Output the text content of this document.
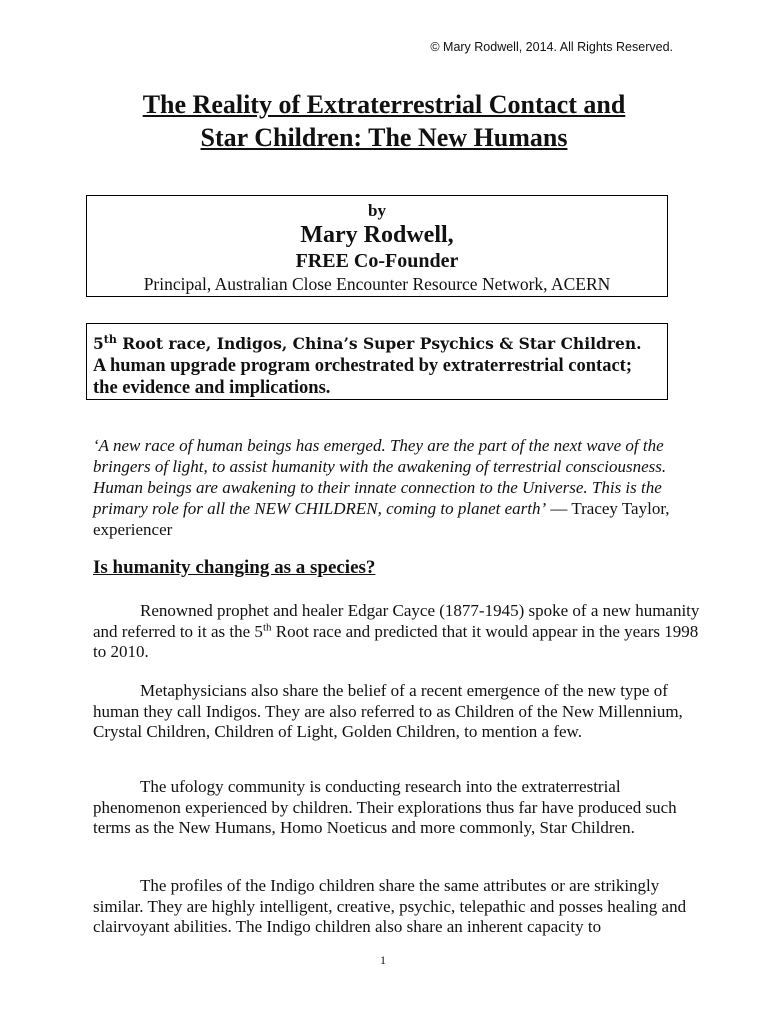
© Mary Rodwell, 2014. All Rights Reserved.
The Reality of Extraterrestrial Contact and
Star Children: The New Humans
by
Mary Rodwell,
FREE Co-Founder
Principal, Australian Close Encounter Resource Network, ACERN
5th Root race, Indigos, China’s Super Psychics & Star Children.
A human upgrade program orchestrated by extraterrestrial contact; the evidence and implications.
‘A new race of human beings has emerged. They are the part of the next wave of the bringers of light, to assist humanity with the awakening of terrestrial consciousness. Human beings are awakening to their innate connection to the Universe. This is the primary role for all the NEW CHILDREN, coming to planet earth’ — Tracey Taylor, experiencer
Is humanity changing as a species?
Renowned prophet and healer Edgar Cayce (1877-1945) spoke of a new humanity and referred to it as the 5th Root race and predicted that it would appear in the years 1998 to 2010.
Metaphysicians also share the belief of a recent emergence of the new type of human they call Indigos. They are also referred to as Children of the New Millennium, Crystal Children, Children of Light, Golden Children, to mention a few.
The ufology community is conducting research into the extraterrestrial phenomenon experienced by children. Their explorations thus far have produced such terms as the New Humans, Homo Noeticus and more commonly, Star Children.
The profiles of the Indigo children share the same attributes or are strikingly similar. They are highly intelligent, creative, psychic, telepathic and posses healing and clairvoyant abilities. The Indigo children also share an inherent capacity to
1
